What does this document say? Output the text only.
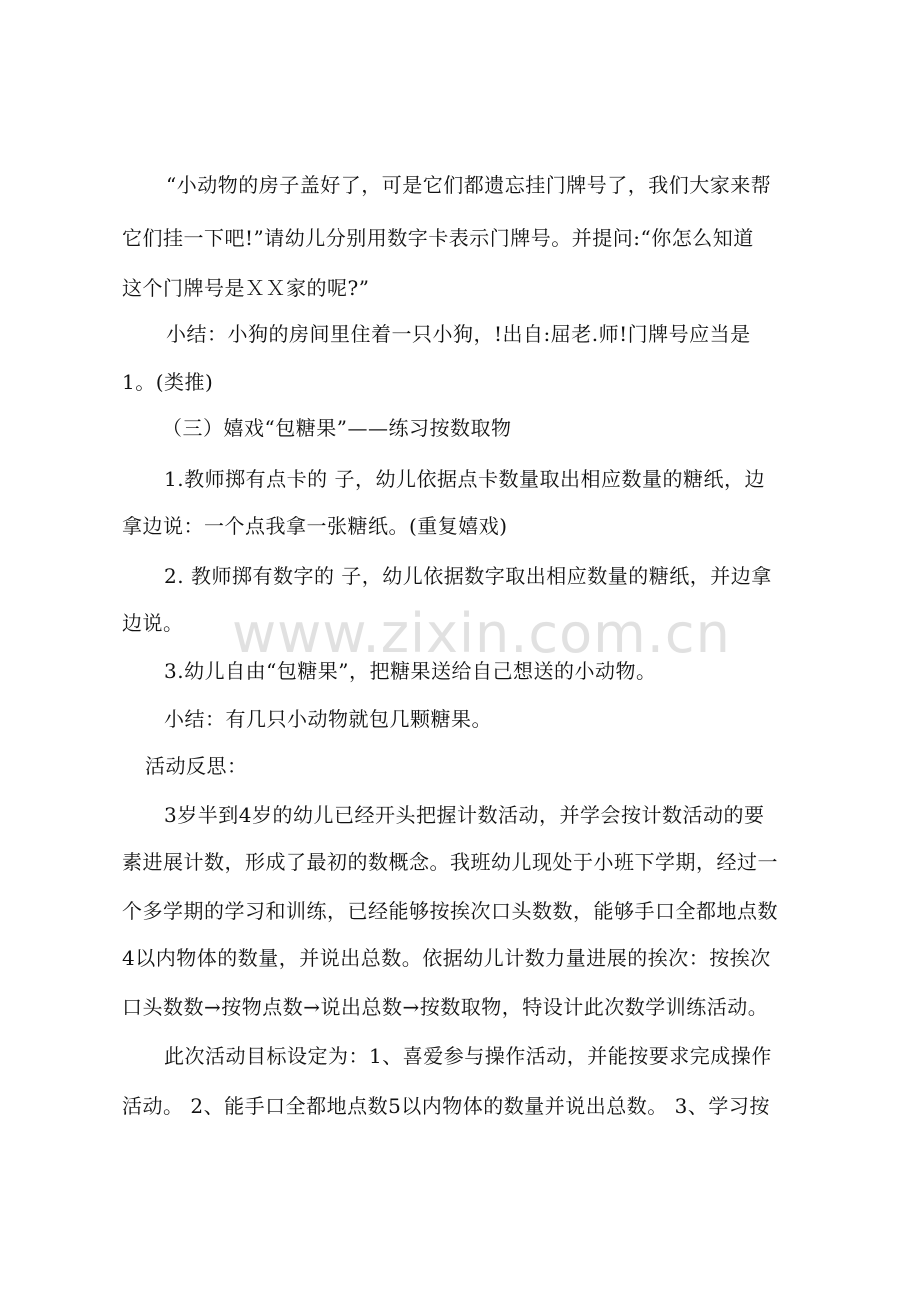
“小动物的房子盖好了，可是它们都遗忘挂门牌号了，我们大家来帮
它们挂一下吧!”请幼儿分别用数字卡表示门牌号。并提问:“你怎么知道
这个门牌号是ＸＸ家的呢?”
小结：小狗的房间里住着一只小狗，!出自:屈老.师!门牌号应当是
1。(类推)
（三）嬉戏“包糖果”——练习按数取物
1.教师掷有点卡的 子，幼儿依据点卡数量取出相应数量的糖纸，边
拿边说：一个点我拿一张糖纸。(重复嬉戏)
2. 教师掷有数字的 子，幼儿依据数字取出相应数量的糖纸，并边拿
边说。
3.幼儿自由“包糖果”，把糖果送给自己想送的小动物。
小结：有几只小动物就包几颗糖果。
活动反思：
3岁半到4岁的幼儿已经开头把握计数活动，并学会按计数活动的要
素进展计数，形成了最初的数概念。我班幼儿现处于小班下学期，经过一
个多学期的学习和训练，已经能够按挨次口头数数，能够手口全都地点数
4以内物体的数量，并说出总数。依据幼儿计数力量进展的挨次：按挨次
口头数数→按物点数→说出总数→按数取物，特设计此次数学训练活动。
此次活动目标设定为：1、喜爱参与操作活动，并能按要求完成操作
活动。 2、能手口全都地点数5以内物体的数量并说出总数。 3、学习按
www.zixin.com.cn
